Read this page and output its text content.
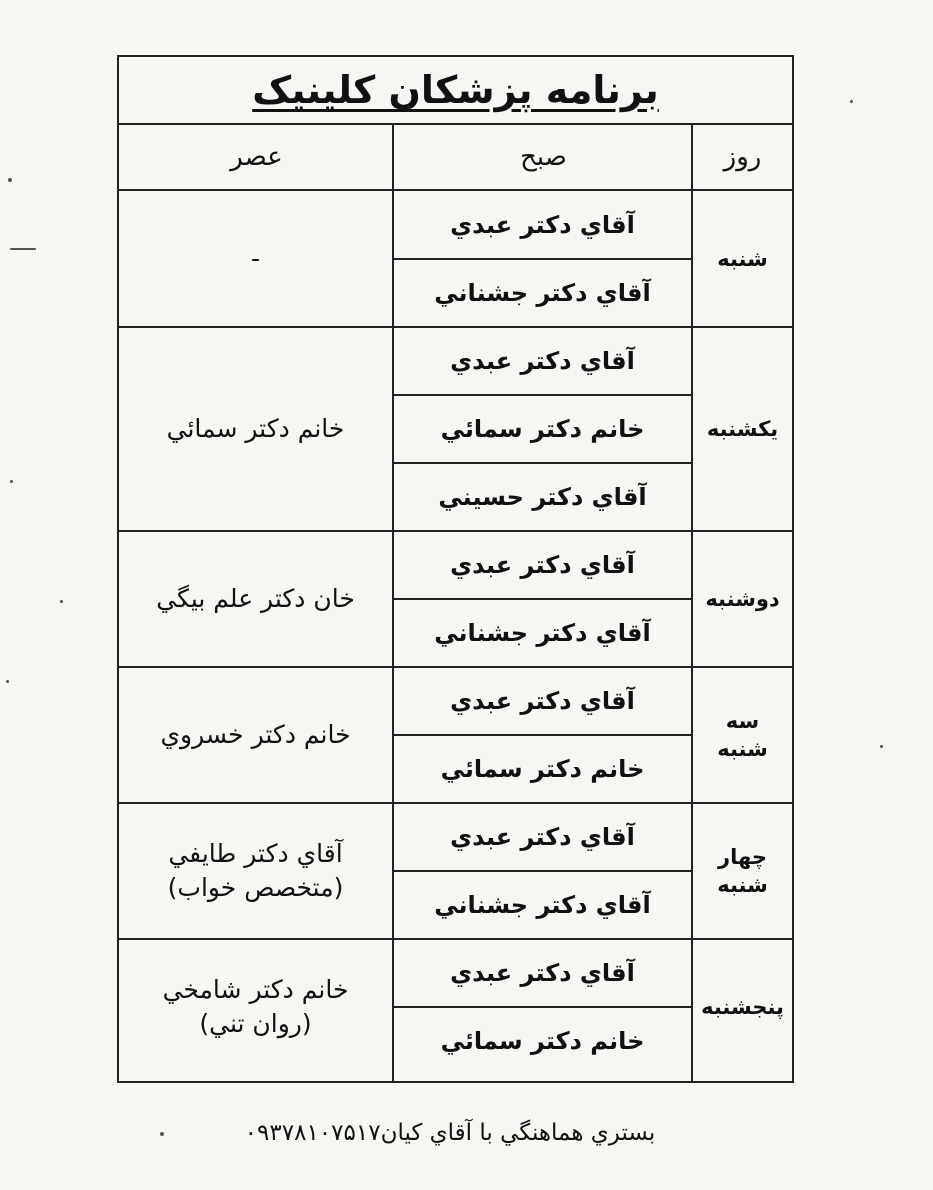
برنامه پزشکان کلینیک
روز
صبح
عصر
شنبه
-
آقاي دكتر عبدي
آقاي دكتر جشناني
يكشنبه
خانم دكتر سمائي
آقاي دكتر عبدي
خانم دكتر سمائي
آقاي دكتر حسيني
دوشنبه
خان دكتر علم بيگي
آقاي دكتر عبدي
آقاي دكتر جشناني
سه
شنبه
خانم دكتر خسروي
آقاي دكتر عبدي
خانم دكتر سمائي
چهار
شنبه
آقاي دكتر طايفي
(متخصص خواب)
آقاي دكتر عبدي
آقاي دكتر جشناني
پنجشنبه
خانم دكتر شامخي
(روان تني)
آقاي دكتر عبدي
خانم دكتر سمائي
بستري هماهنگي با آقاي كيان۰۹۳۷۸۱۰۷۵۱۷
